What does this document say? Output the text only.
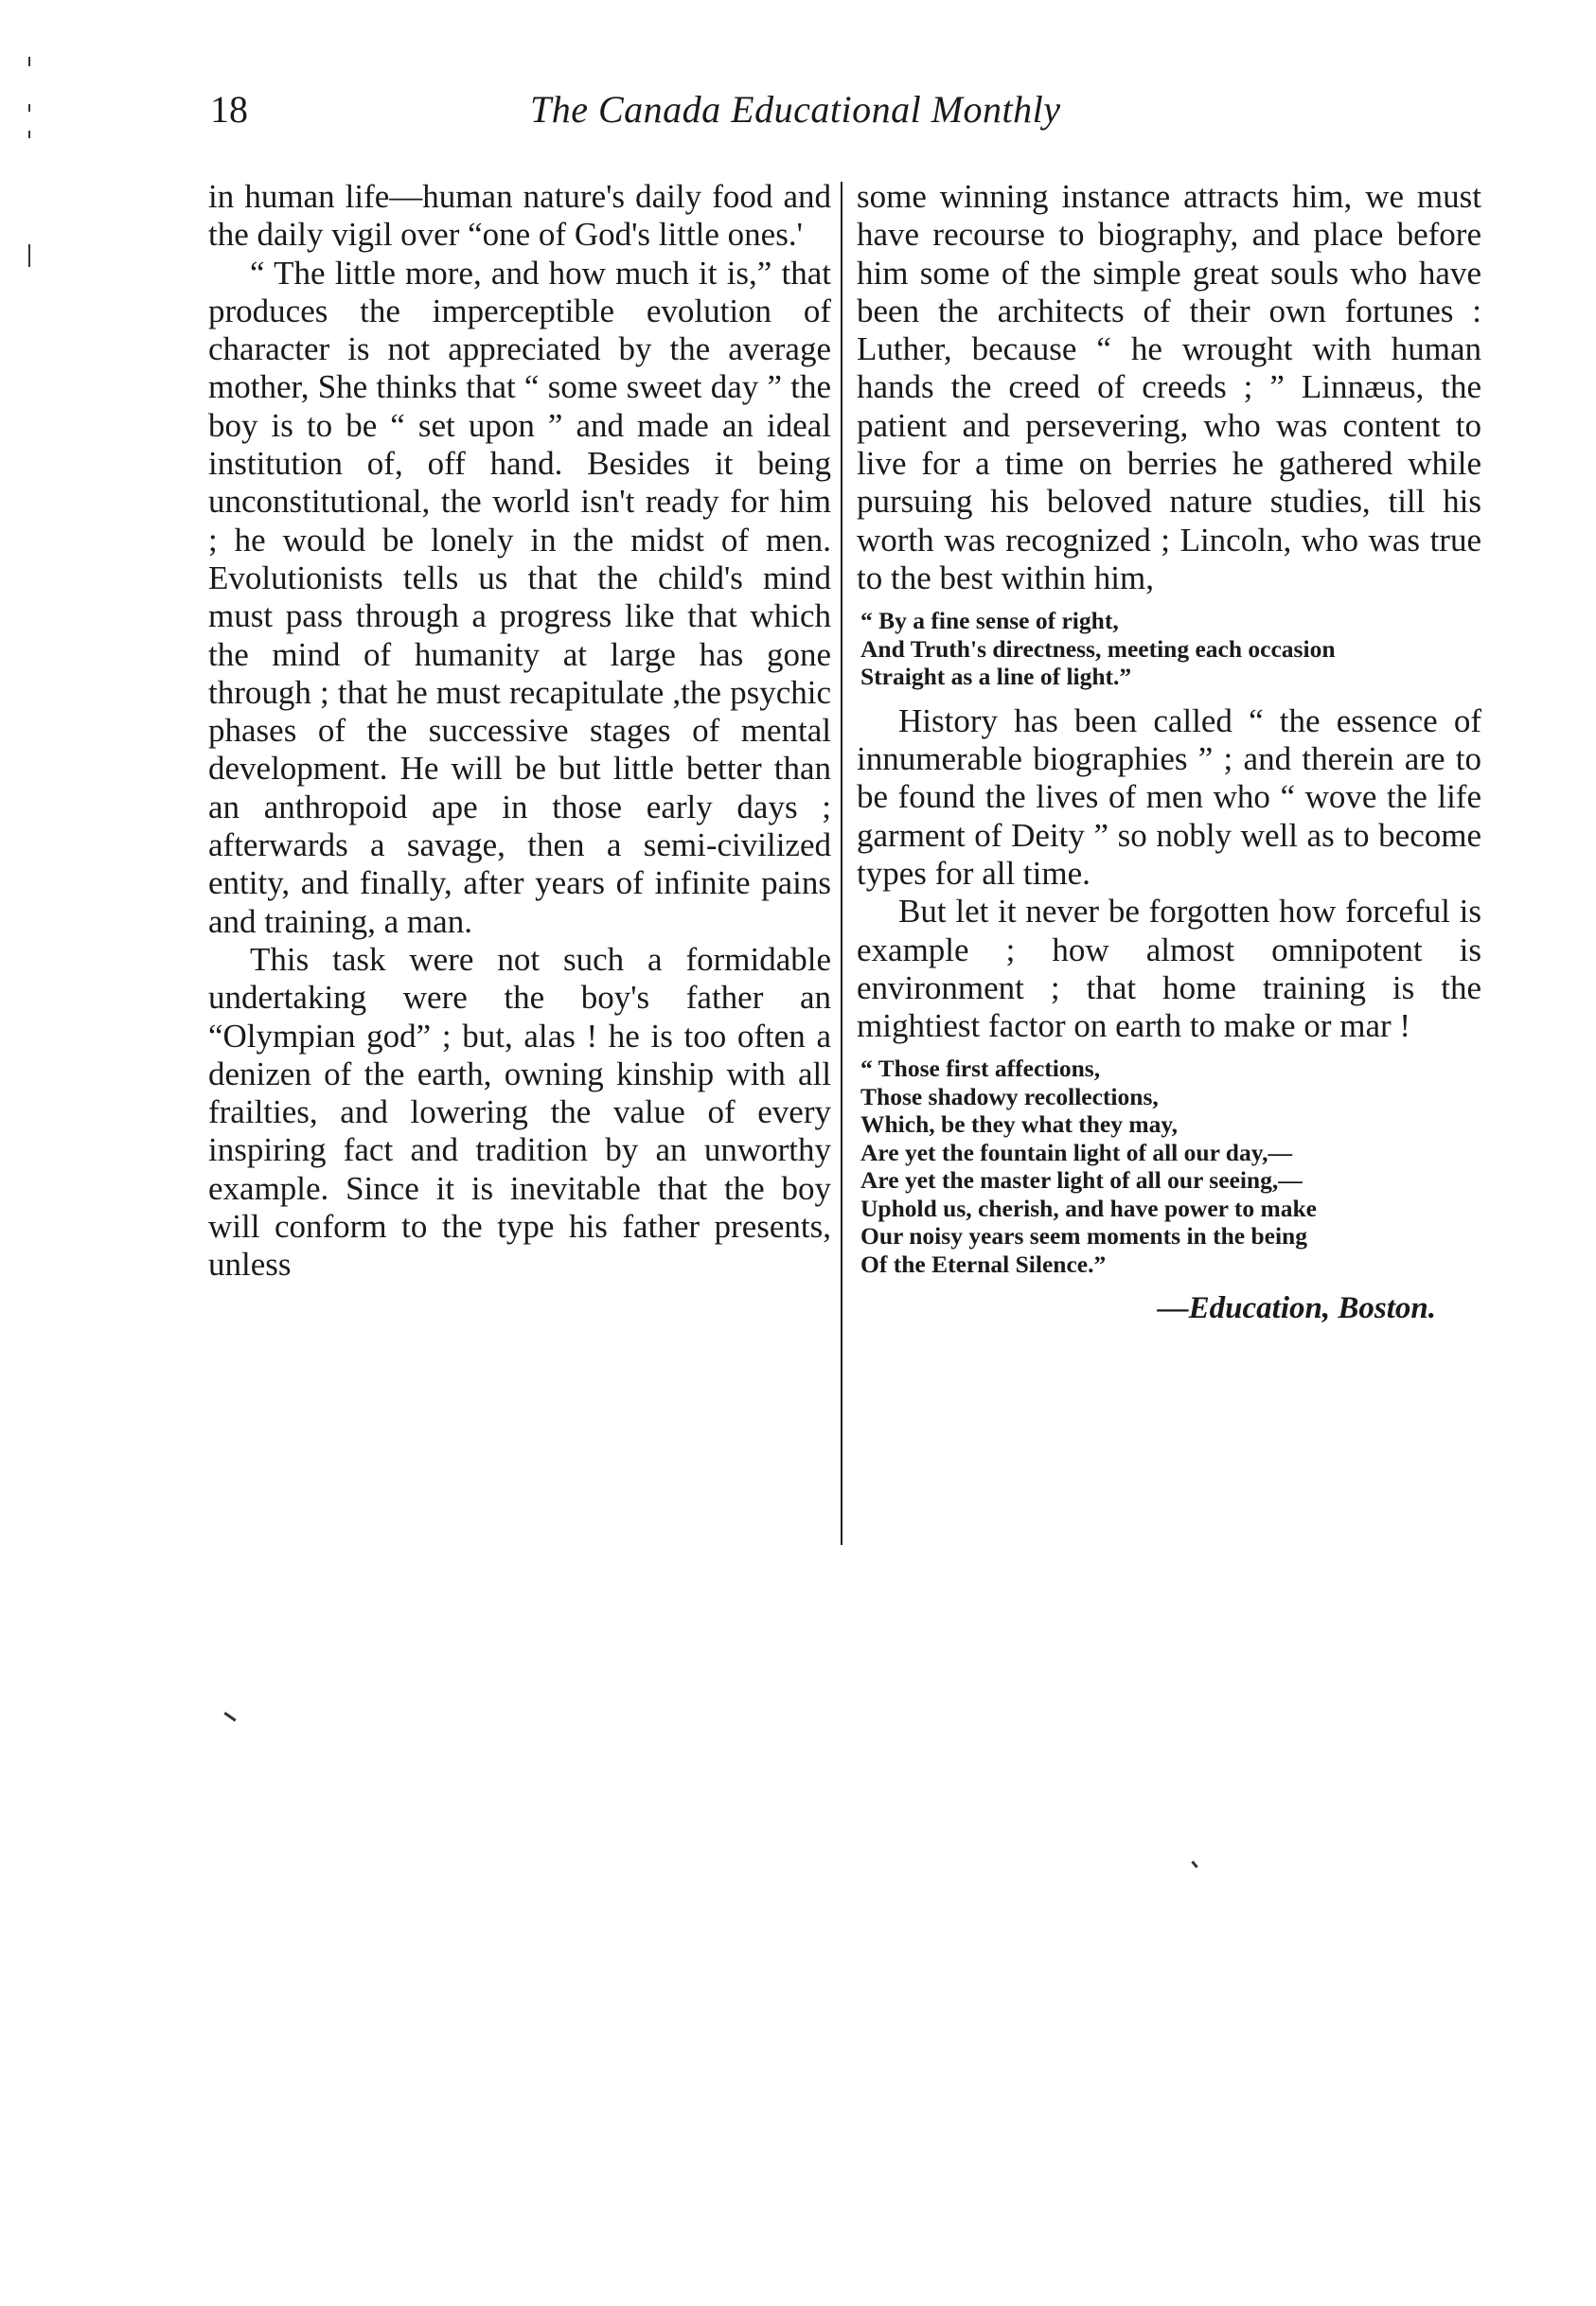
18	The Canada Educational Monthly

in human life—human nature's daily food and the daily vigil over “one of God's little ones.'

“ The little more, and how much it is,” that produces the imperceptible evolution of character is not appreciated by the average mother, She thinks that “ some sweet day ” the boy is to be “ set upon ” and made an ideal institution of, off hand. Besides it being unconstitutional, the world isn't ready for him ; he would be lonely in the midst of men. Evolutionists tells us that the child's mind must pass through a progress like that which the mind of humanity at large has gone through ; that he must recapitulate ,the psychic phases of the successive stages of mental development. He will be but little better than an anthropoid ape in those early days ; afterwards a savage, then a semi-civilized entity, and finally, after years of infinite pains and training, a man.

This task were not such a formidable undertaking were the boy's father an “Olympian god” ; but, alas ! he is too often a denizen of the earth, owning kinship with all frailties, and lowering the value of every inspiring fact and tradition by an unworthy example. Since it is inevitable that the boy will conform to the type his father presents, unless

some winning instance attracts him, we must have recourse to biography, and place before him some of the simple great souls who have been the architects of their own fortunes : Luther, because “ he wrought with human hands the creed of creeds ; ” Linnæus, the patient and persevering, who was content to live for a time on berries he gathered while pursuing his beloved nature studies, till his worth was recognized ; Lincoln, who was true to the best within him,

“ By a fine sense of right,
And Truth's directness, meeting each occasion
Straight as a line of light.”

History has been called “ the essence of innumerable biographies ” ; and therein are to be found the lives of men who “ wove the life garment of Deity ” so nobly well as to become types for all time.

But let it never be forgotten how forceful is example ; how almost omnipotent is environment ; that home training is the mightiest factor on earth to make or mar !

“ Those first affections,
Those shadowy recollections,
Which, be they what they may,
Are yet the fountain light of all our day,—
Are yet the master light of all our seeing,—
Uphold us, cherish, and have power to make
Our noisy years seem moments in the being
Of the Eternal Silence.”
—Education, Boston.
